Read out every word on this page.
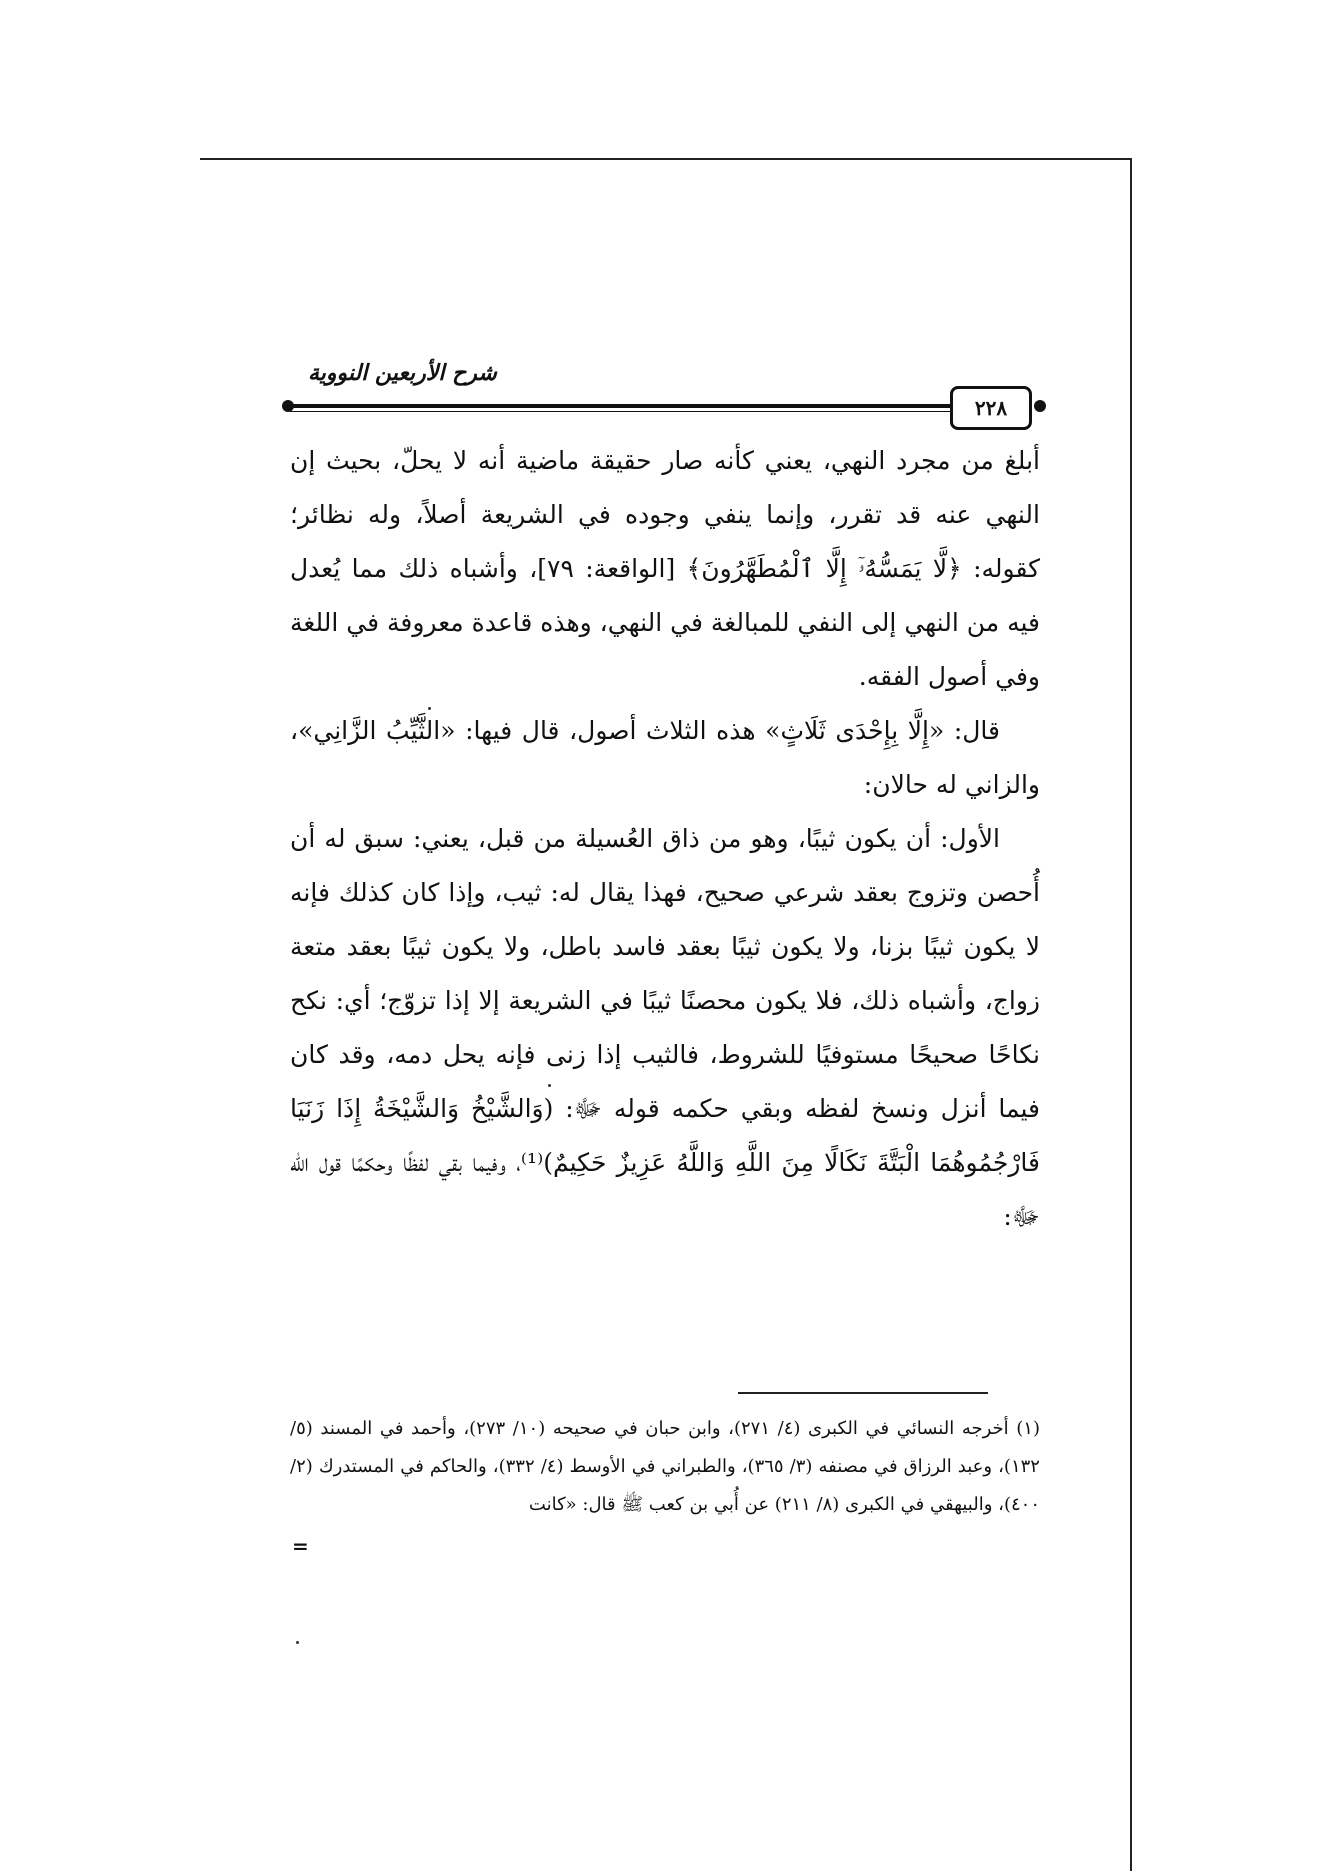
شرح الأربعين النووية
٢٢٨

أبلغ من مجرد النهي، يعني كأنه صار حقيقة ماضية أنه لا يحلّ، بحيث إن النهي عنه قد تقرر، وإنما ينفي وجوده في الشريعة أصلاً، وله نظائر؛ كقوله: ﴿لَّا يَمَسُّهُۥٓ إِلَّا ٱلْمُطَهَّرُونَ﴾ [الواقعة: ٧٩]، وأشباه ذلك مما يُعدل فيه من النهي إلى النفي للمبالغة في النهي، وهذه قاعدة معروفة في اللغة وفي أصول الفقه.

قال: «إِلَّا بِإِحْدَى ثَلَاثٍ» هذه الثلاث أصول، قال فيها: «الثَّيِّبُ الزَّانِي»، والزاني له حالان:

الأول: أن يكون ثيبًا، وهو من ذاق العُسيلة من قبل، يعني: سبق له أن أُحصن وتزوج بعقد شرعي صحيح، فهذا يقال له: ثيب، وإذا كان كذلك فإنه لا يكون ثيبًا بزنا، ولا يكون ثيبًا بعقد فاسد باطل، ولا يكون ثيبًا بعقد متعة زواج، وأشباه ذلك، فلا يكون محصنًا ثيبًا في الشريعة إلا إذا تزوّج؛ أي: نكح نكاحًا صحيحًا مستوفيًا للشروط، فالثيب إذا زنى فإنه يحل دمه، وقد كان فيما أنزل ونسخ لفظه وبقي حكمه قوله ﷻ: (وَالشَّيْخُ وَالشَّيْخَةُ إِذَا زَنَيَا فَارْجُمُوهُمَا الْبَتَّةَ نَكَالًا مِنَ اللَّهِ وَاللَّهُ عَزِيزٌ حَكِيمٌ)⁽¹⁾، وفيما بقي لفظًا وحكمًا قول الله ﷻ:

(١) أخرجه النسائي في الكبرى (٤/ ٢٧١)، وابن حبان في صحيحه (١٠/ ٢٧٣)، وأحمد في المسند (٥/ ١٣٢)، وعبد الرزاق في مصنفه (٣/ ٣٦٥)، والطبراني في الأوسط (٤/ ٣٣٢)، والحاكم في المستدرك (٢/ ٤٠٠)، والبيهقي في الكبرى (٨/ ٢١١) عن أُبي بن كعب ﷺ قال: «كانت

=
